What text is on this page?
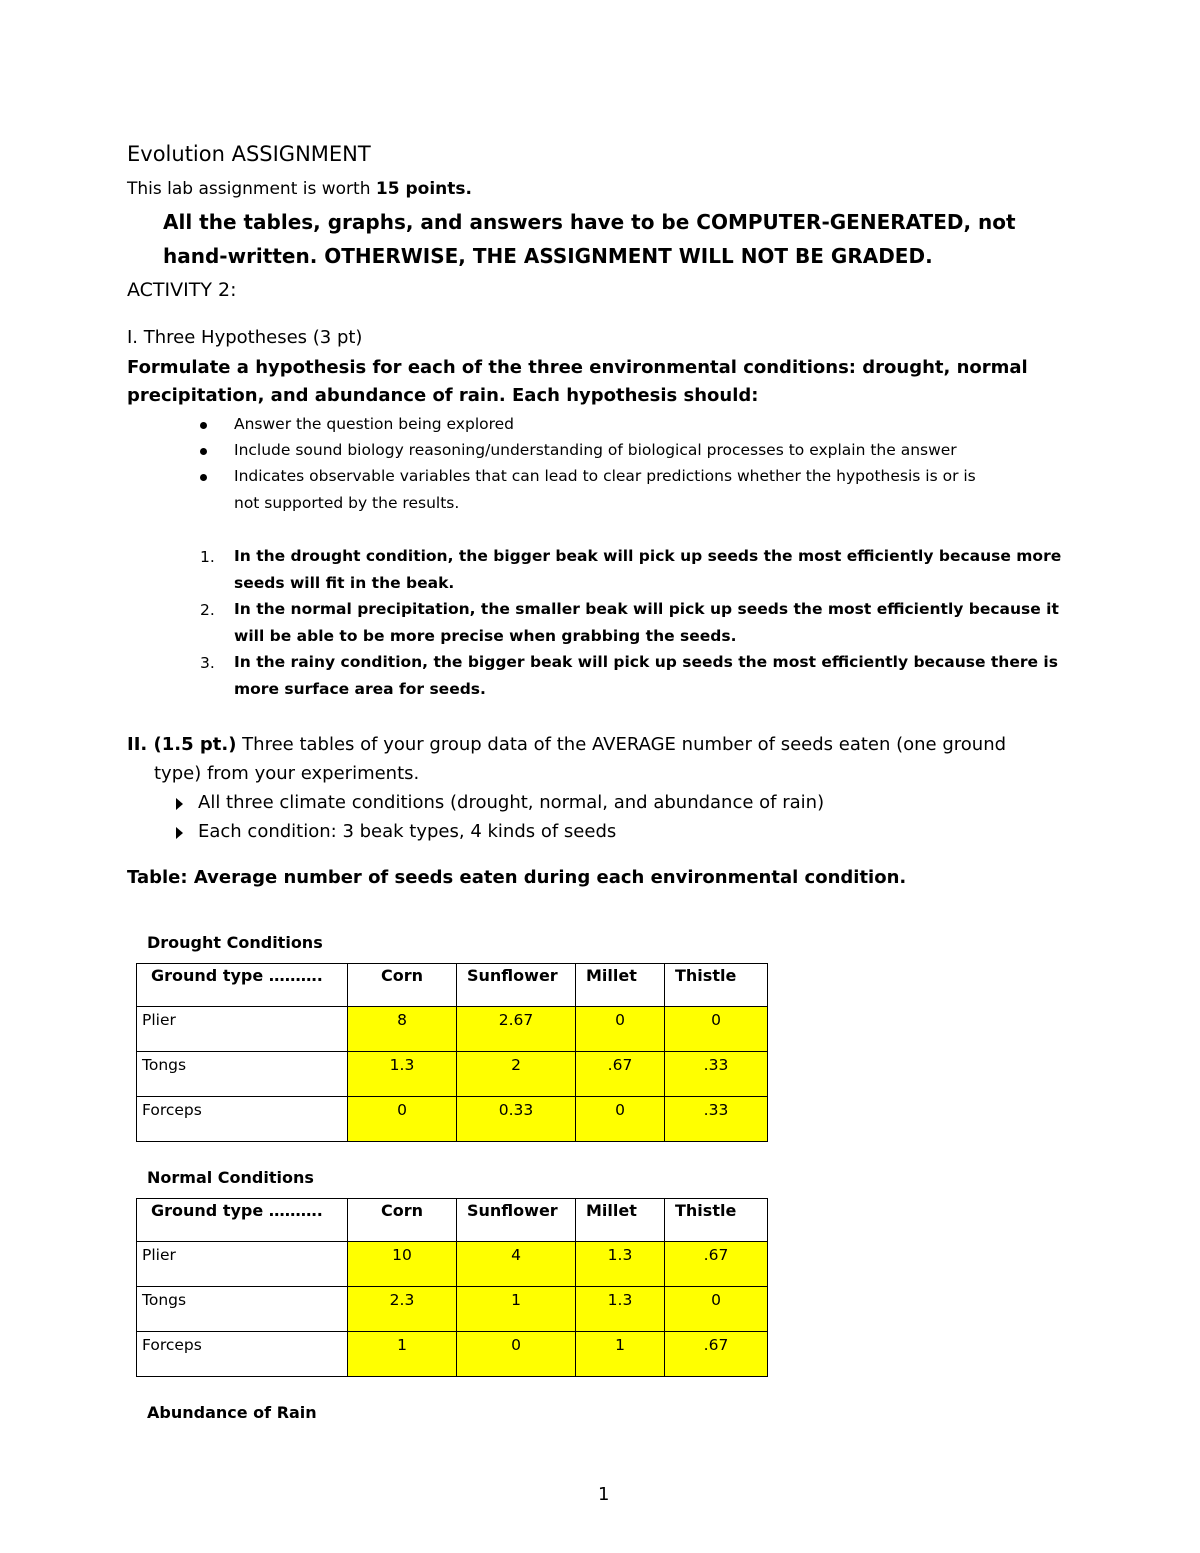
Evolution ASSIGNMENT
This lab assignment is worth 15 points.
All the tables, graphs, and answers have to be COMPUTER-GENERATED, not
hand-written. OTHERWISE, THE ASSIGNMENT WILL NOT BE GRADED.
ACTIVITY 2:
I. Three Hypotheses (3 pt)
Formulate a hypothesis for each of the three environmental conditions: drought, normal
precipitation, and abundance of rain. Each hypothesis should:
Answer the question being explored
Include sound biology reasoning/understanding of biological processes to explain the answer
Indicates observable variables that can lead to clear predictions whether the hypothesis is or is
not supported by the results.
1. In the drought condition, the bigger beak will pick up seeds the most efficiently because more
seeds will fit in the beak.
2. In the normal precipitation, the smaller beak will pick up seeds the most efficiently because it
will be able to be more precise when grabbing the seeds.
3. In the rainy condition, the bigger beak will pick up seeds the most efficiently because there is
more surface area for seeds.
II. (1.5 pt.) Three tables of your group data of the AVERAGE number of seeds eaten (one ground
type) from your experiments.
All three climate conditions (drought, normal, and abundance of rain)
Each condition: 3 beak types, 4 kinds of seeds
Table: Average number of seeds eaten during each environmental condition.
Drought Conditions
Ground type ……….	Corn	Sunflower	Millet	Thistle
Plier	8	2.67	0	0
Tongs	1.3	2	.67	.33
Forceps	0	0.33	0	.33
Normal Conditions
Ground type ……….	Corn	Sunflower	Millet	Thistle
Plier	10	4	1.3	.67
Tongs	2.3	1	1.3	0
Forceps	1	0	1	.67
Abundance of Rain
1
